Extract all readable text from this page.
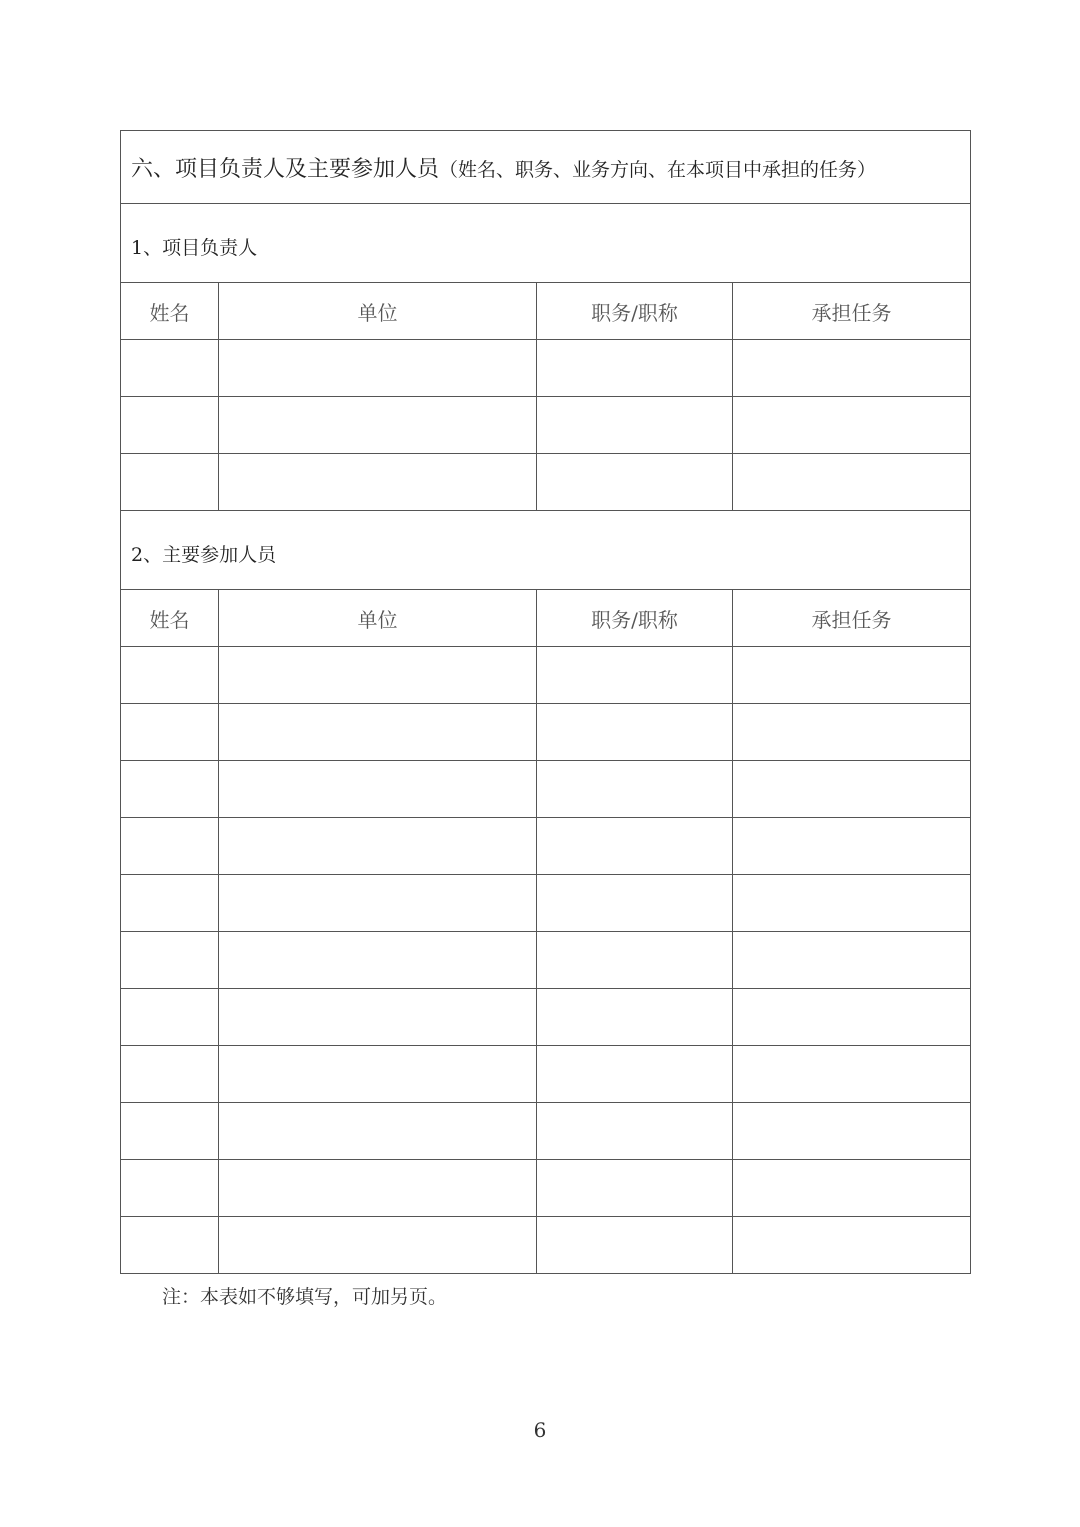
六、项目负责人及主要参加人员（姓名、职务、业务方向、在本项目中承担的任务）			
1、项目负责人			
姓名	单位	职务/职称	承担任务

2、主要参加人员			
姓名	单位	职务/职称	承担任务

注：本表如不够填写，可加另页。
6
